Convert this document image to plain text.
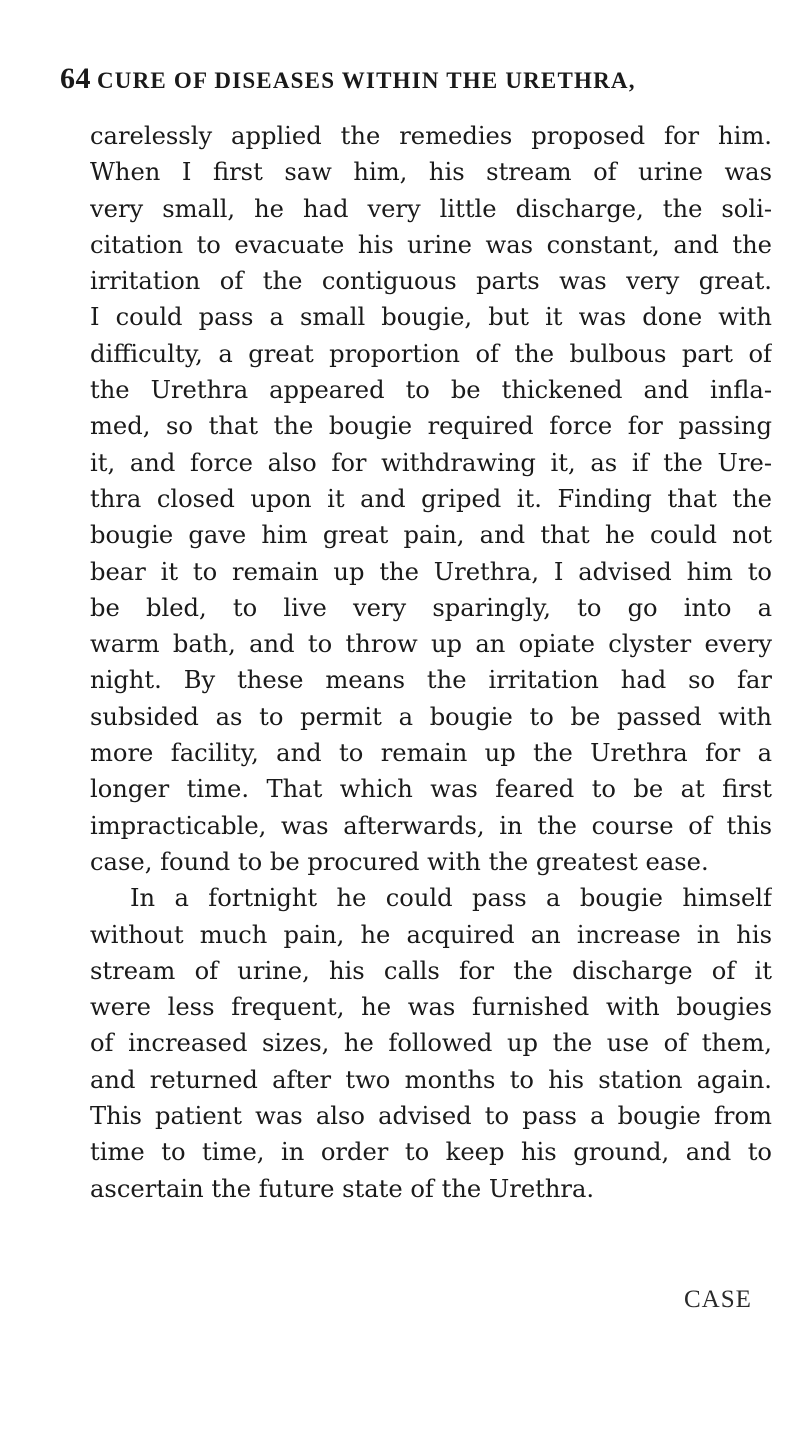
64 CURE OF DISEASES WITHIN THE URETHRA,
carelessly applied the remedies proposed for him.
When I first saw him, his stream of urine was
very small, he had very little discharge, the soli-
citation to evacuate his urine was constant, and the
irritation of the contiguous parts was very great.
I could pass a small bougie, but it was done with
difficulty, a great proportion of the bulbous part of
the Urethra appeared to be thickened and infla-
med, so that the bougie required force for passing
it, and force also for withdrawing it, as if the Ure-
thra closed upon it and griped it. Finding that the
bougie gave him great pain, and that he could not
bear it to remain up the Urethra, I advised him to
be bled, to live very sparingly, to go into a
warm bath, and to throw up an opiate clyster every
night. By these means the irritation had so far
subsided as to permit a bougie to be passed with
more facility, and to remain up the Urethra for a
longer time. That which was feared to be at first
impracticable, was afterwards, in the course of this
case, found to be procured with the greatest ease.
In a fortnight he could pass a bougie himself
without much pain, he acquired an increase in his
stream of urine, his calls for the discharge of it
were less frequent, he was furnished with bougies
of increased sizes, he followed up the use of them,
and returned after two months to his station again.
This patient was also advised to pass a bougie from
time to time, in order to keep his ground, and to
ascertain the future state of the Urethra.
CASE
